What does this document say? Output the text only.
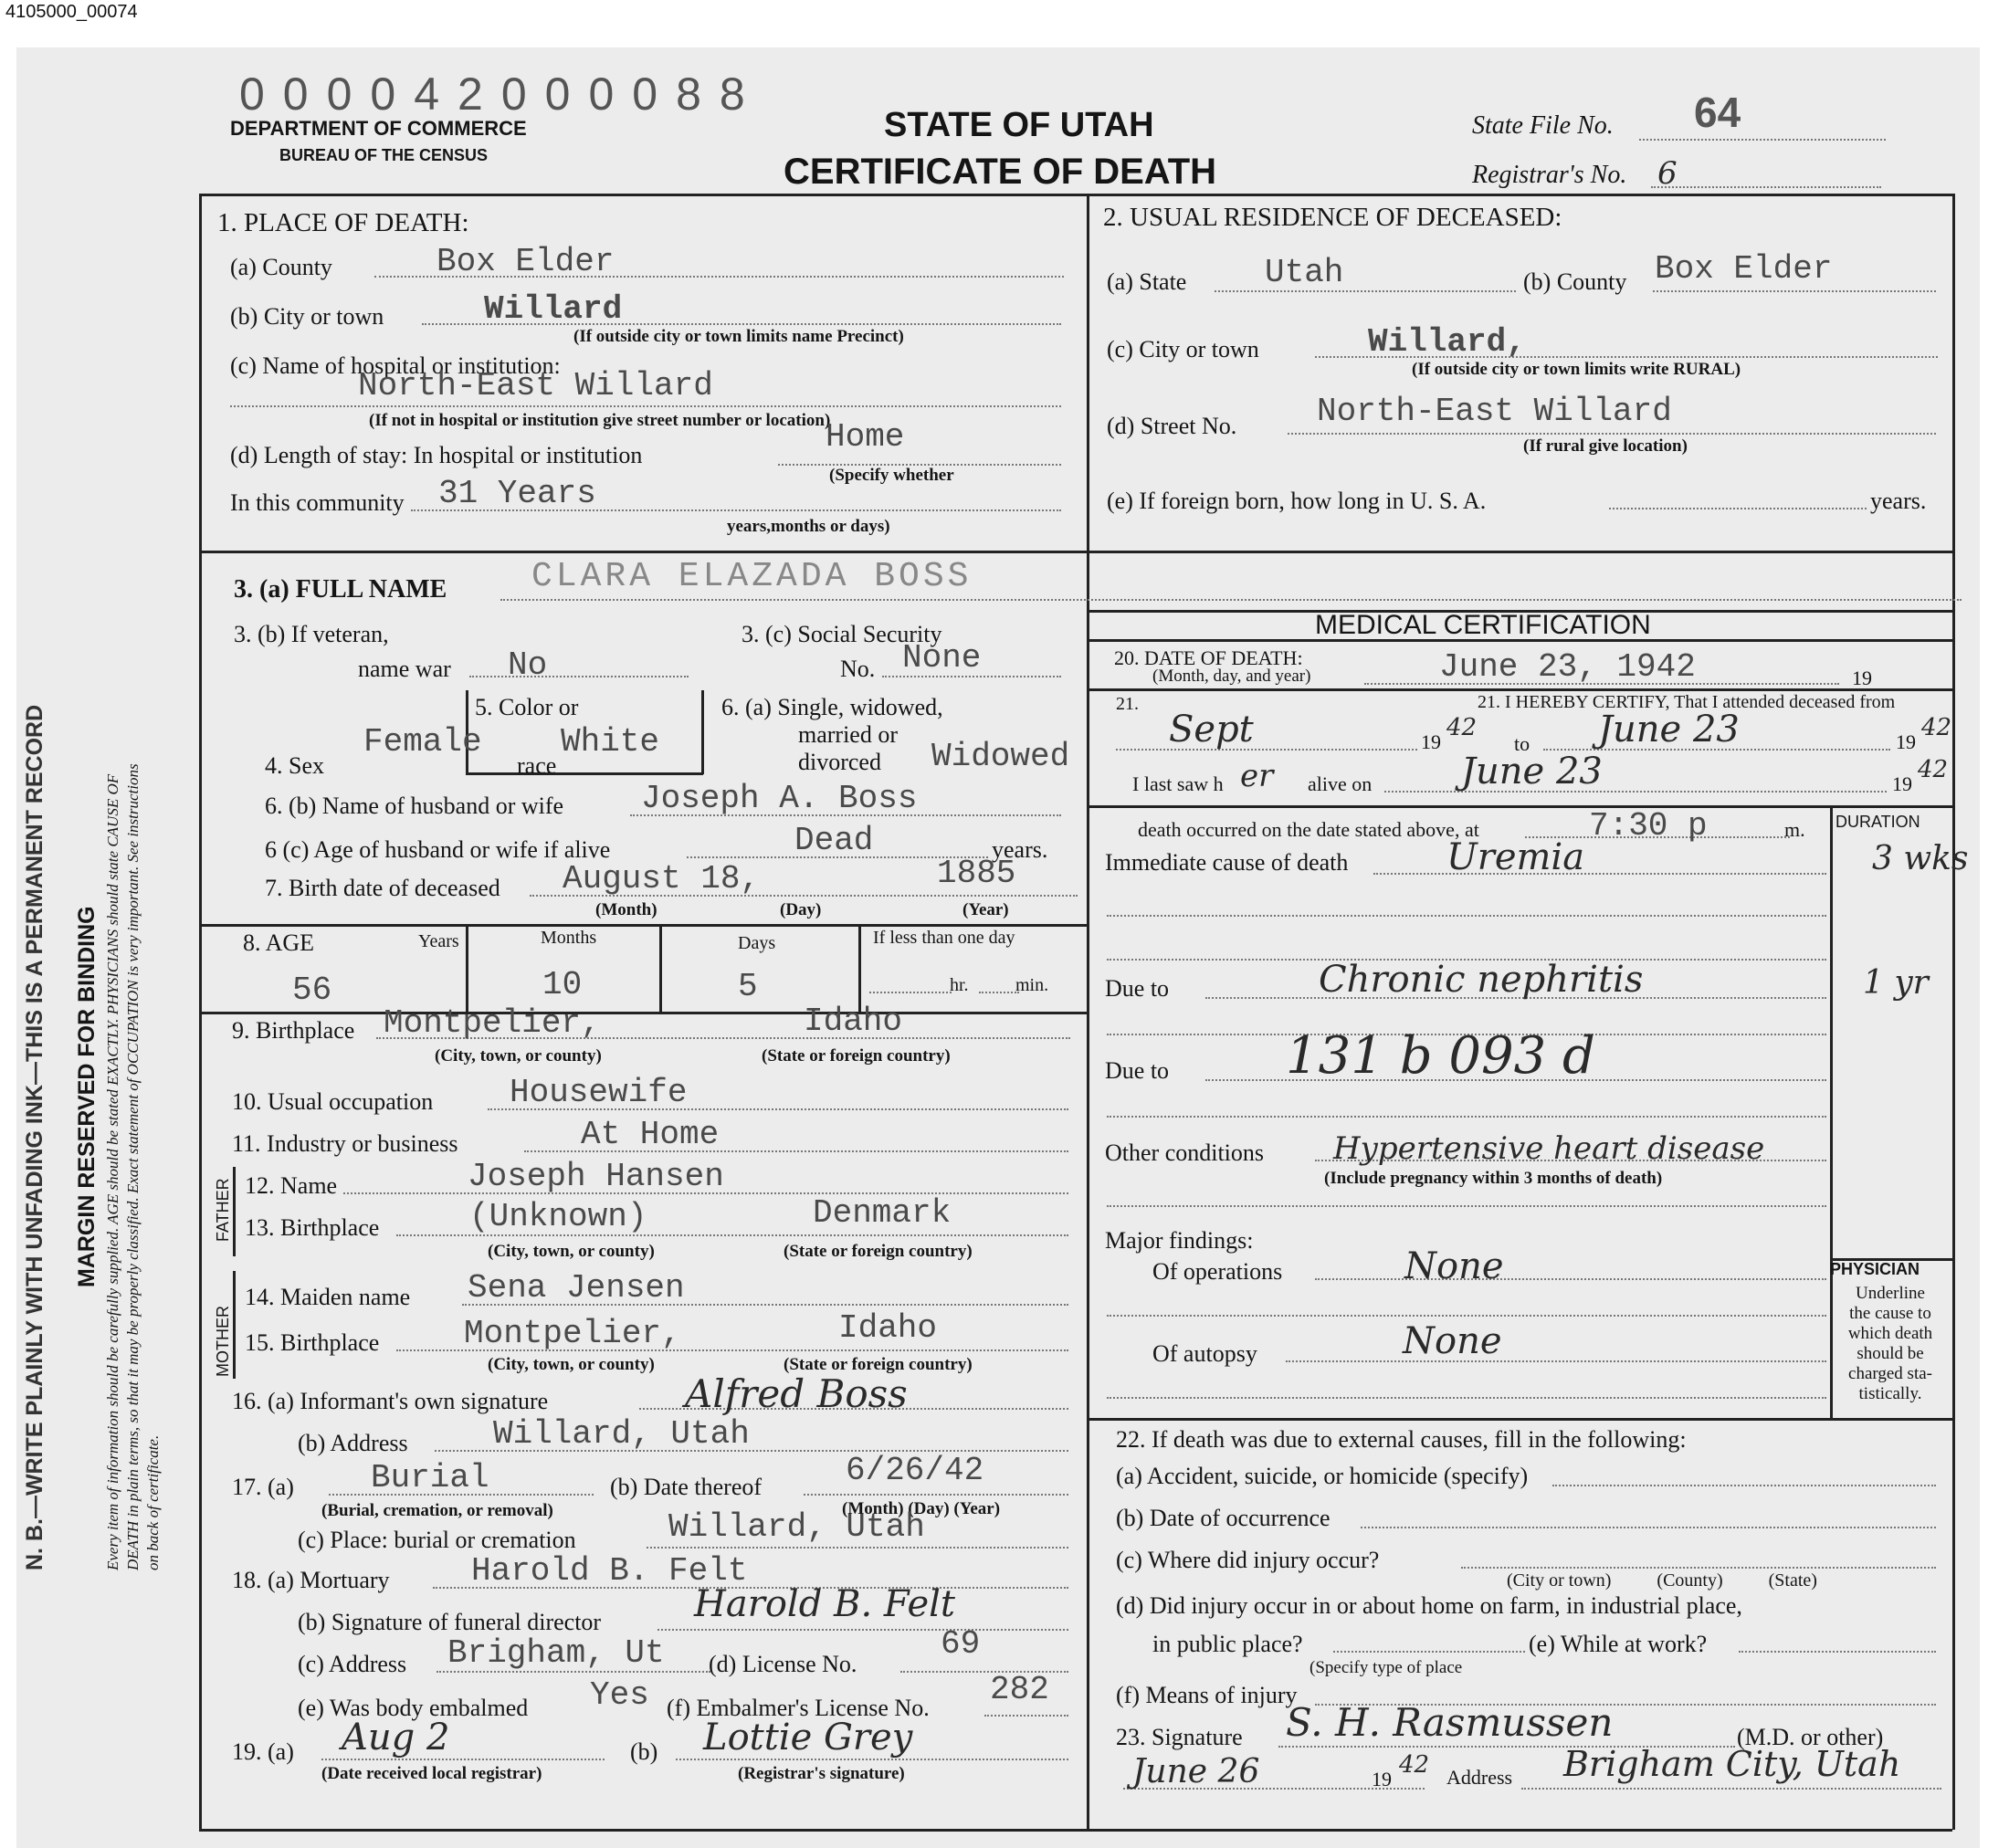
4105000_00074
000042000088
DEPARTMENT OF COMMERCE
BUREAU OF THE CENSUS
STATE OF UTAH
CERTIFICATE OF DEATH
State File No. 64
Registrar's No. 6
N. B.—WRITE PLAINLY WITH UNFADING INK—THIS IS A PERMANENT RECORD MARGIN RESERVED FOR BINDING Every item of information should be carefully supplied. AGE should be stated EXACTLY. PHYSICIANS should state CAUSE OF DEATH in plain terms, so that it may be properly classified. Exact statement of OCCUPATION is very important. See instructions on back of certificate.
1. PLACE OF DEATH:
(a) County	Box Elder
(b) City or town	Willard
(If outside city or town limits name Precinct)
(c) Name of hospital or institution:
North-East Willard
(If not in hospital or institution give street number or location)
(d) Length of stay: In hospital or institution	Home
(Specify whether
In this community 31 Years
years,months or days)
2. USUAL RESIDENCE OF DECEASED:
(a) State Utah	(b) County Box Elder
(c) City or town	Willard,
(If outside city or town limits write RURAL)
(d) Street No. North-East Willard
(If rural give location)
(e) If foreign born, how long in U. S. A.	years.
3. (a) FULL NAME CLARA ELAZADA BOSS
3. (b) If veteran,
name war No
3. (c) Social Security
No. None
5. Color or
race
White
Female
4. Sex
6. (a) Single, widowed,
married or
divorced Widowed
6. (b) Name of husband or wife Joseph A. Boss
6 (c) Age of husband or wife if alive	Dead	years.
7. Birth date of deceased August 18,	1885
(Month)	(Day)	(Year)
8. AGE	Years	Months	Days	If less than one day
56	10	5	hr.	min.
9. Birthplace Montpelier,	Idaho
(City, town, or county)	(State or foreign country)
10. Usual occupation Housewife
11. Industry or business	At Home
FATHER
MOTHER
12. Name	Joseph Hansen
13. Birthplace	(Unknown)	Denmark
(City, town, or county)	(State or foreign country)
14. Maiden name Sena Jensen
15. Birthplace	Montpelier,	Idaho
(City, town, or county)	(State or foreign country)
16. (a) Informant's own signature	Alfred Boss
(b) Address	Willard, Utah
17. (a) Burial
(Burial, cremation, or removal)
(b) Date thereof	6/26/42
(Month) (Day) (Year)
(c) Place: burial or cremation	Willard, Utah
18. (a) Mortuary Harold B. Felt
(b) Signature of funeral director	Harold B. Felt
(c) Address Brigham, Ut (d) License No.
69
(e) Was body embalmed Yes (f) Embalmer's License No. 282
19. (a) Aug 2
(Date received local registrar)
(b) Lottie Grey
(Registrar's signature)
MEDICAL CERTIFICATION
20. DATE OF DEATH:
(Month, day, and year)	June 23, 1942	19
21.	21. I HEREBY CERTIFY, That I attended deceased from
Sept	19
42
to June 23	19
42
I last saw h er alive on June 23	19
42
death occurred on the date stated above, at	7:30 p	m. DURATION
Immediate cause of death	Uremia	3 wks
Due to	Chronic nephritis	1 yr
Due to 131 b 093 d
Other conditions Hypertensive heart disease
(Include pregnancy within 3 months of death)
Major findings:
Of operations	None
Of autopsy	None
PHYSICIAN
Underline
the cause to
which death
should be
charged sta-
tistically.
22. If death was due to external causes, fill in the following:
(a) Accident, suicide, or homicide (specify)
(b) Date of occurrence
(c) Where did injury occur?
(City or town)          (County)          (State)
(d) Did injury occur in or about home on farm, in industrial place,
in public place?
(Specify type of place
(e) While at work?
(f) Means of injury
23. Signature S. H. Rasmussen	(M.D. or other)
June 26	19
42 Address Brigham City, Utah
